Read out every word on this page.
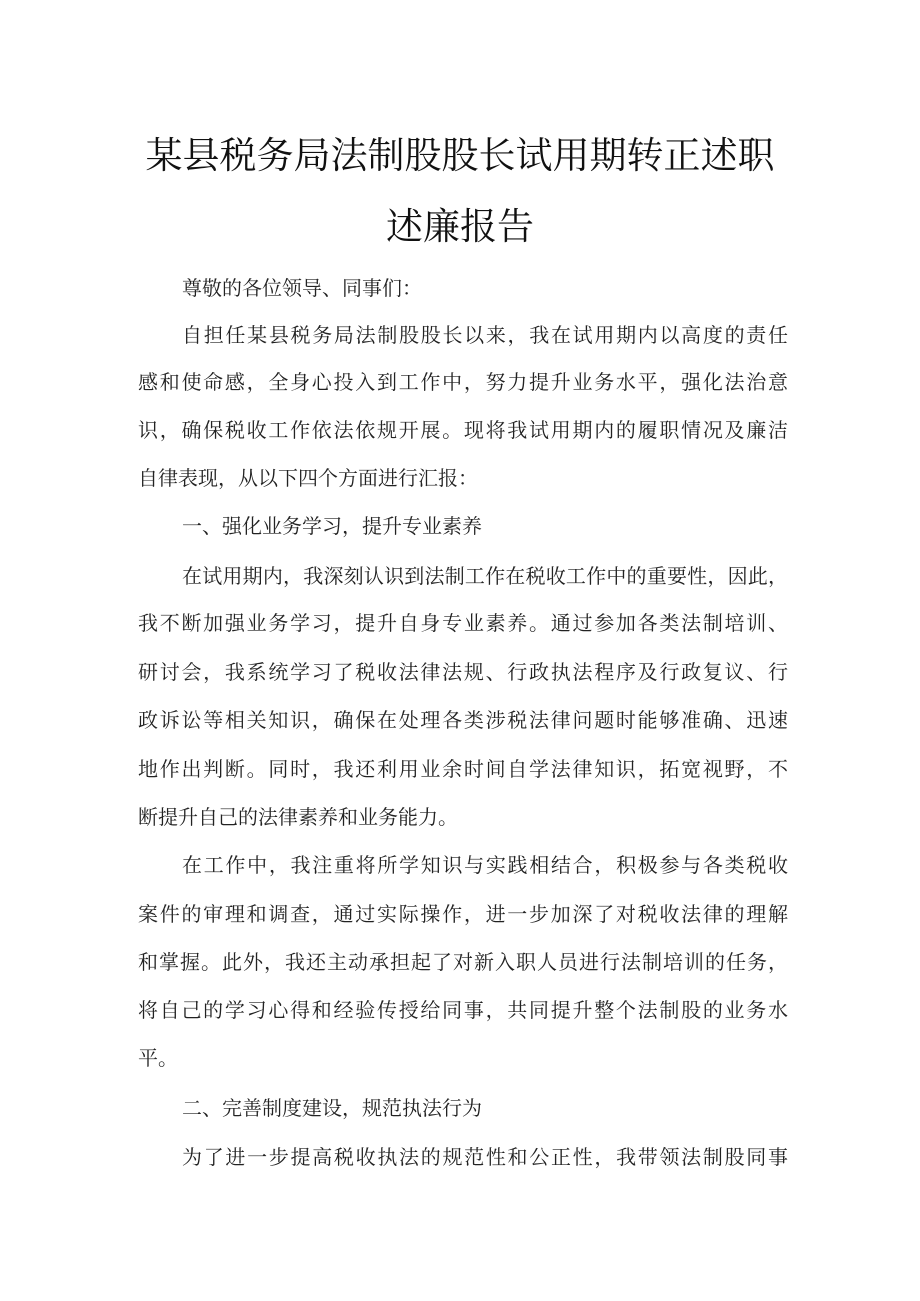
某县税务局法制股股长试用期转正述职
述廉报告
尊敬的各位领导、同事们：
自担任某县税务局法制股股长以来，我在试用期内以高度的责任
感和使命感，全身心投入到工作中，努力提升业务水平，强化法治意
识，确保税收工作依法依规开展。现将我试用期内的履职情况及廉洁
自律表现，从以下四个方面进行汇报：
一、强化业务学习，提升专业素养
在试用期内，我深刻认识到法制工作在税收工作中的重要性，因此，
我不断加强业务学习，提升自身专业素养。通过参加各类法制培训、
研讨会，我系统学习了税收法律法规、行政执法程序及行政复议、行
政诉讼等相关知识，确保在处理各类涉税法律问题时能够准确、迅速
地作出判断。同时，我还利用业余时间自学法律知识，拓宽视野，不
断提升自己的法律素养和业务能力。
在工作中，我注重将所学知识与实践相结合，积极参与各类税收
案件的审理和调查，通过实际操作，进一步加深了对税收法律的理解
和掌握。此外，我还主动承担起了对新入职人员进行法制培训的任务，
将自己的学习心得和经验传授给同事，共同提升整个法制股的业务水
平。
二、完善制度建设，规范执法行为
为了进一步提高税收执法的规范性和公正性，我带领法制股同事
